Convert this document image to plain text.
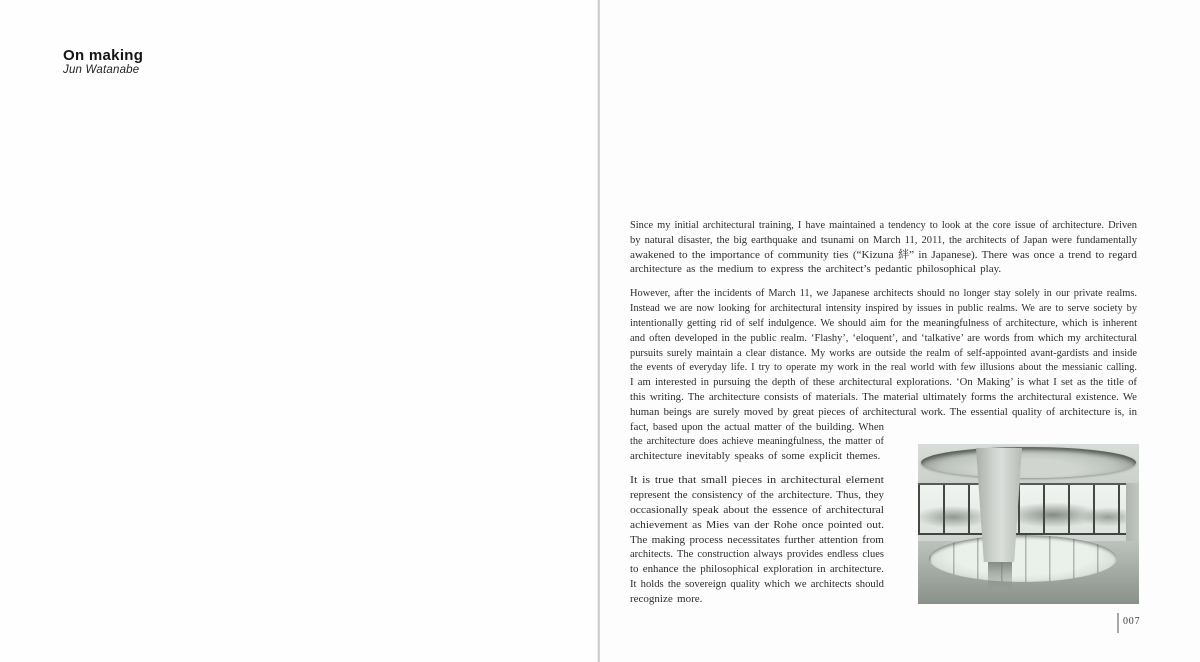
On making
Jun Watanabe
Since my initial architectural training, I have maintained a tendency to look at the core issue of architecture. Driven
by natural disaster, the big earthquake and tsunami on March 11, 2011, the architects of Japan were fundamentally
awakened to the importance of community ties (“Kizuna 絆” in Japanese). There was once a trend to regard
architecture as the medium to express the architect’s pedantic philosophical play.
However, after the incidents of March 11, we Japanese architects should no longer stay solely in our private realms.
Instead we are now looking for architectural intensity inspired by issues in public realms. We are to serve society by
intentionally getting rid of self indulgence. We should aim for the meaningfulness of architecture, which is inherent
and often developed in the public realm. ‘Flashy’, ‘eloquent’, and ‘talkative’ are words from which my architectural
pursuits surely maintain a clear distance. My works are outside the realm of self-appointed avant-gardists and inside
the events of everyday life. I try to operate my work in the real world with few illusions about the messianic calling.
I am interested in pursuing the depth of these architectural explorations. ‘On Making’ is what I set as the title of
this writing. The architecture consists of materials. The material ultimately forms the architectural existence. We
human beings are surely moved by great pieces of architectural work. The essential quality of architecture is, in
fact, based upon the actual matter of the building. When
the architecture does achieve meaningfulness, the matter of
architecture inevitably speaks of some explicit themes.
It is true that small pieces in architectural element
represent the consistency of the architecture. Thus, they
occasionally speak about the essence of architectural
achievement as Mies van der Rohe once pointed out.
The making process necessitates further attention from
architects. The construction always provides endless clues
to enhance the philosophical exploration in architecture.
It holds the sovereign quality which we architects should
recognize more.
007
